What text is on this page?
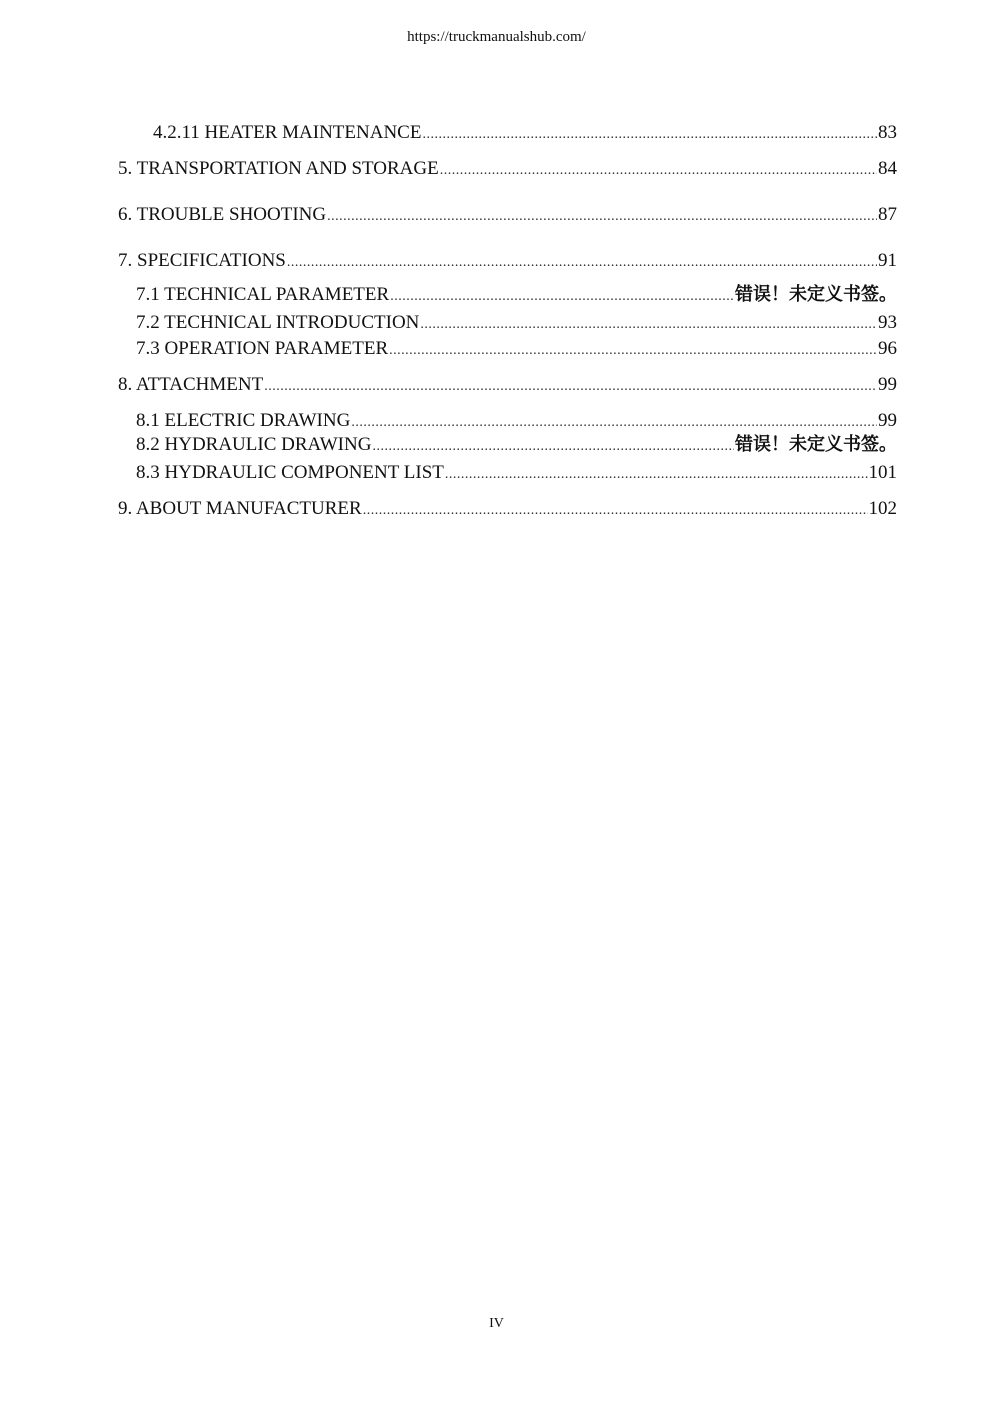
https://truckmanualshub.com/
4.2.11 HEATER MAINTENANCE .....	83
5. TRANSPORTATION AND STORAGE .....	84
6. TROUBLE SHOOTING .....	87
7. SPECIFICATIONS .....	91
7.1 TECHNICAL PARAMETER .....	错误！未定义书签。
7.2 TECHNICAL INTRODUCTION .....	93
7.3 OPERATION PARAMETER .....	96
8. ATTACHMENT .....	99
8.1 ELECTRIC DRAWING .....	99
8.2 HYDRAULIC DRAWING .....	错误！未定义书签。
8.3 HYDRAULIC COMPONENT LIST .....	101
9. ABOUT MANUFACTURER .....	102
IV
